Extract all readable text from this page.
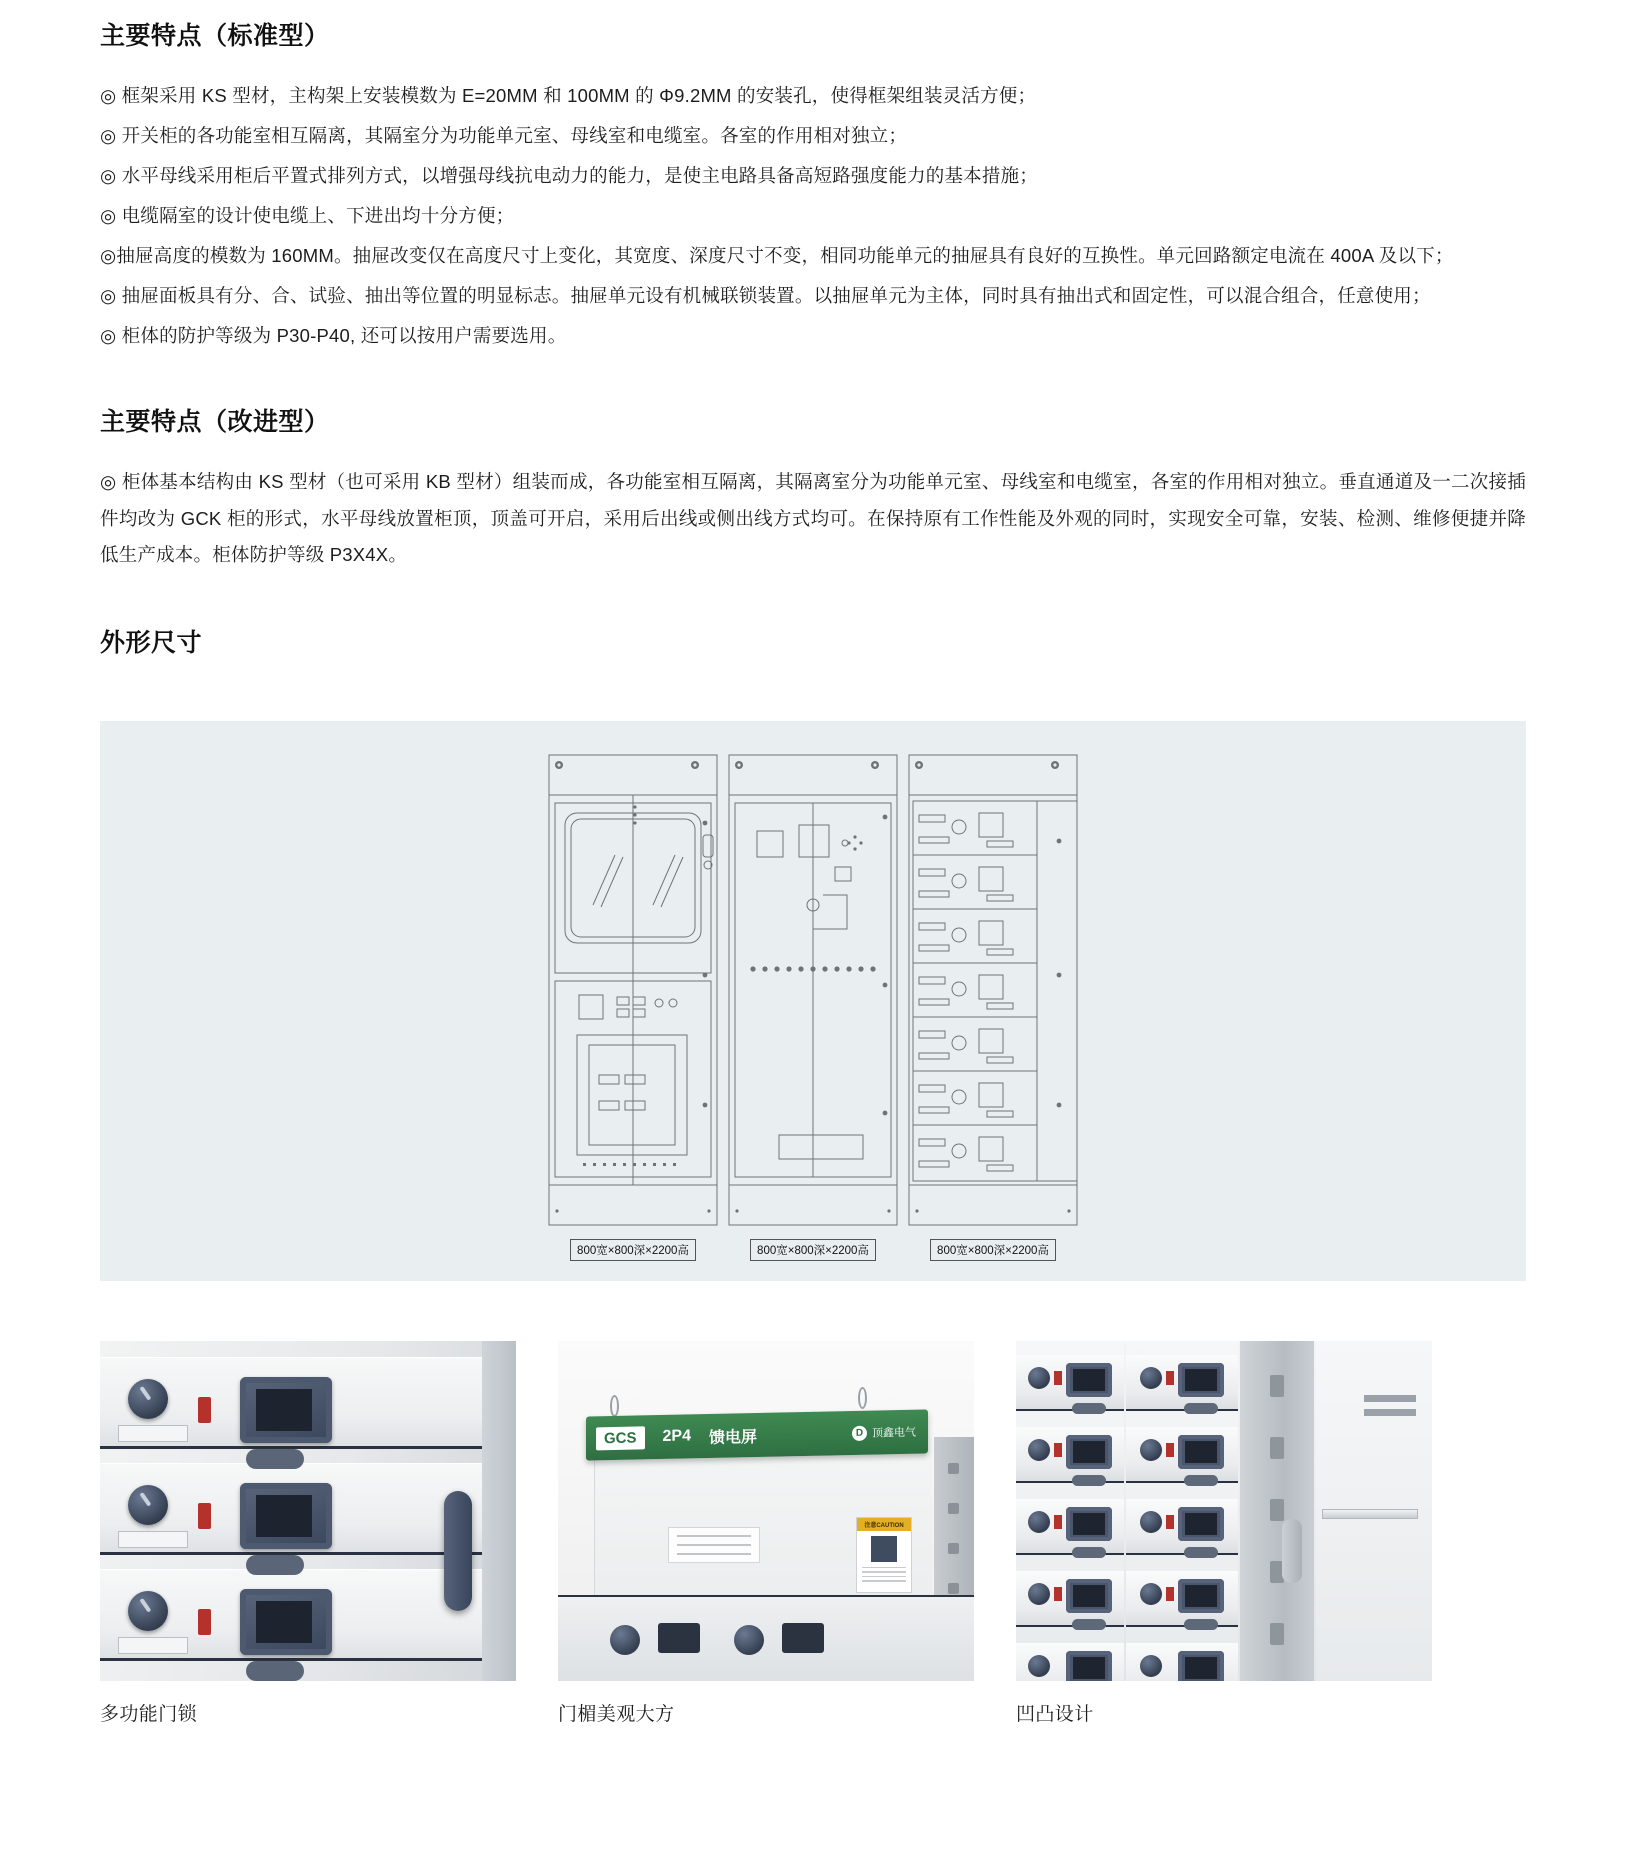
主要特点（标准型）

◎ 框架采用 KS 型材，主构架上安装模数为 E=20MM 和 100MM 的 Φ9.2MM 的安装孔，使得框架组装灵活方便；

◎ 开关柜的各功能室相互隔离，其隔室分为功能单元室、母线室和电缆室。各室的作用相对独立；

◎ 水平母线采用柜后平置式排列方式，以增强母线抗电动力的能力，是使主电路具备高短路强度能力的基本措施；

◎ 电缆隔室的设计使电缆上、下进出均十分方便；

◎抽屉高度的模数为 160MM。抽屉改变仅在高度尺寸上变化，其宽度、深度尺寸不变，相同功能单元的抽屉具有良好的互换性。单元回路额定电流在 400A 及以下；

◎ 抽屉面板具有分、合、试验、抽出等位置的明显标志。抽屉单元设有机械联锁装置。以抽屉单元为主体，同时具有抽出式和固定性，可以混合组合，任意使用；

◎ 柜体的防护等级为 P30-P40, 还可以按用户需要选用。

主要特点（改进型）

◎ 柜体基本结构由 KS 型材（也可采用 KB 型材）组装而成，各功能室相互隔离，其隔离室分为功能单元室、母线室和电缆室，各室的作用相对独立。垂直通道及一二次接插件均改为 GCK 柜的形式，水平母线放置柜顶，顶盖可开启，采用后出线或侧出线方式均可。在保持原有工作性能及外观的同时，实现安全可靠，安装、检测、维修便捷并降低生产成本。柜体防护等级 P3X4X。

外形尺寸
800宽×800深×2200高	800宽×800深×2200高	800宽×800深×2200高
多功能门锁
GCS	2P4 馈电屏	D 顶鑫电气
注意CAUTION
门楣美观大方	凹凸设计
